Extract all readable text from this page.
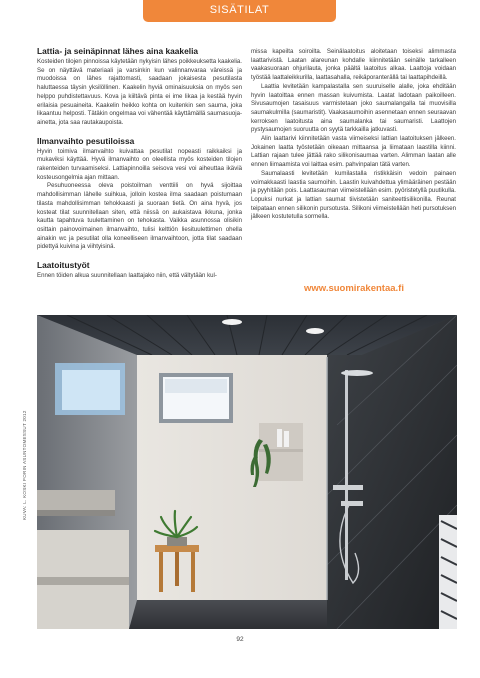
SISÄTILAT
Lattia- ja seinäpinnat lähes aina kaakelia

Kosteiden tilojen pinnoissa käytetään nykyisin lähes poikkeuksetta kaakelia. Se on näyttävä materiaali ja varsinkin kun valinnanvaraa väreissä ja muodoissa on lähes rajattomasti, saadaan jokaisesta pesutilasta haluttaessa täysin yksilöllinen. Kaakelin hyviä ominaisuuksia on myös sen helppo puhdistettavuus. Kova ja kiiltävä pinta ei ime likaa ja kestää hyvin erilaisia pesuaineita. Kaakelin heikko kohta on kuitenkin sen sauma, joka likaantuu helposti. Tätäkin ongelmaa voi vähentää käyttämällä saumasuoja-ainetta, jota saa rautakaupoista.

Ilmanvaihto pesutiloissa

Hyvin toimiva ilmanvaihto kuivattaa pesutilat nopeasti raikkaiksi ja mukaviksi käyttää. Hyvä ilmanvaihto on oleellista myös kosteiden tilojen rakenteiden turvaamiseksi. Lattiapinnoilla seisova vesi voi aiheuttaa ikäviä kosteusongelmia ajan mittaan.

Pesuhuoneessa oleva poistoilman venttiili on hyvä sijoittaa mahdollisimman lähelle suihkua, jolloin kostea ilma saadaan poistumaan tilasta mahdollisimman tehokkaasti ja suoraan tietä. On aina hyvä, jos kosteat tilat suunnitellaan siten, että niissä on aukaistava ikkuna, jonka kautta tapahtuva tuulettaminen on tehokasta. Vaikka asunnossa olisikin osittain painovoimainen ilmanvaihto, tulisi kelttiön liesituulettimen ohella ainakin wc ja pesutilat olla koneelliseen ilmanvaihtoon, jotta tilat saadaan pidettyä kuivina ja viihtyisinä.

Laatoitustyöt

Ennen töiden alkua suunnitellaan laattajako niin, että vältytään kul-

missa kapeilta soiroilta. Seinälaatoitus aloitetaan toiseksi alimmasta laattarivistä. Laatan alareunan kohdalle kiinnitetään seinälle tarkalleen vaakasuoraan ohjurilauta, jonka päältä laatoitus alkaa. Laattoja voidaan työstää laattaleikkurilla, laattasahalla, reikäporanterällä tai laattapihdeillä.

Laattia levitetään kampalastalla sen suuruiselle alalle, joka ehditään hyvin laatoittaa ennen massan kuivumista. Laatat ladotaan paikoilleen. Sivusaumojen tasaisuus varmistetaan joko saumalangalla tai muovisilla saumakulmilla (saumaristit). Vaakasaumoihin asennetaan ennen seuraavan kerroksen laatoitusta aina saumalanka tai saumaristi. Laattojen pystysaumojen suoruutta on syytä tarkkailla jatkuvasti.

Alin laattarivi kiinnitetään vasta viimeiseksi lattian laatoituksen jälkeen. Jokainen laatta työstetään oikeaan mittaansa ja liimataan laastilla kiinni. Lattian rajaan tulee jättää rako silikonisaumaa varten. Alimman laatan alle ennen liimaamista voi laittaa esim. pahvinpalan tätä varten.

Saumalaasti levitetään kumilastalla ristikkäisin vedoin painaen voimakkaasti laastia saumoihin. Laastin kuivahdettua ylimääräinen pestään ja pyyhitään pois. Laattasauman viimeistellään esim. pyöristetyllä puutikulla. Lopuksi nurkat ja lattian saumat tiivistetään saniteettisilikonilla. Reunat teipataan ennen silikonin pursotusta. Silikoni viimeistellään heti pursotuksen jälkeen kostutetulla sormella.

www.suomirakentaa.fi
KUVA: L. KOSKI PORIN ASUNTOMESSUT 2012
92
